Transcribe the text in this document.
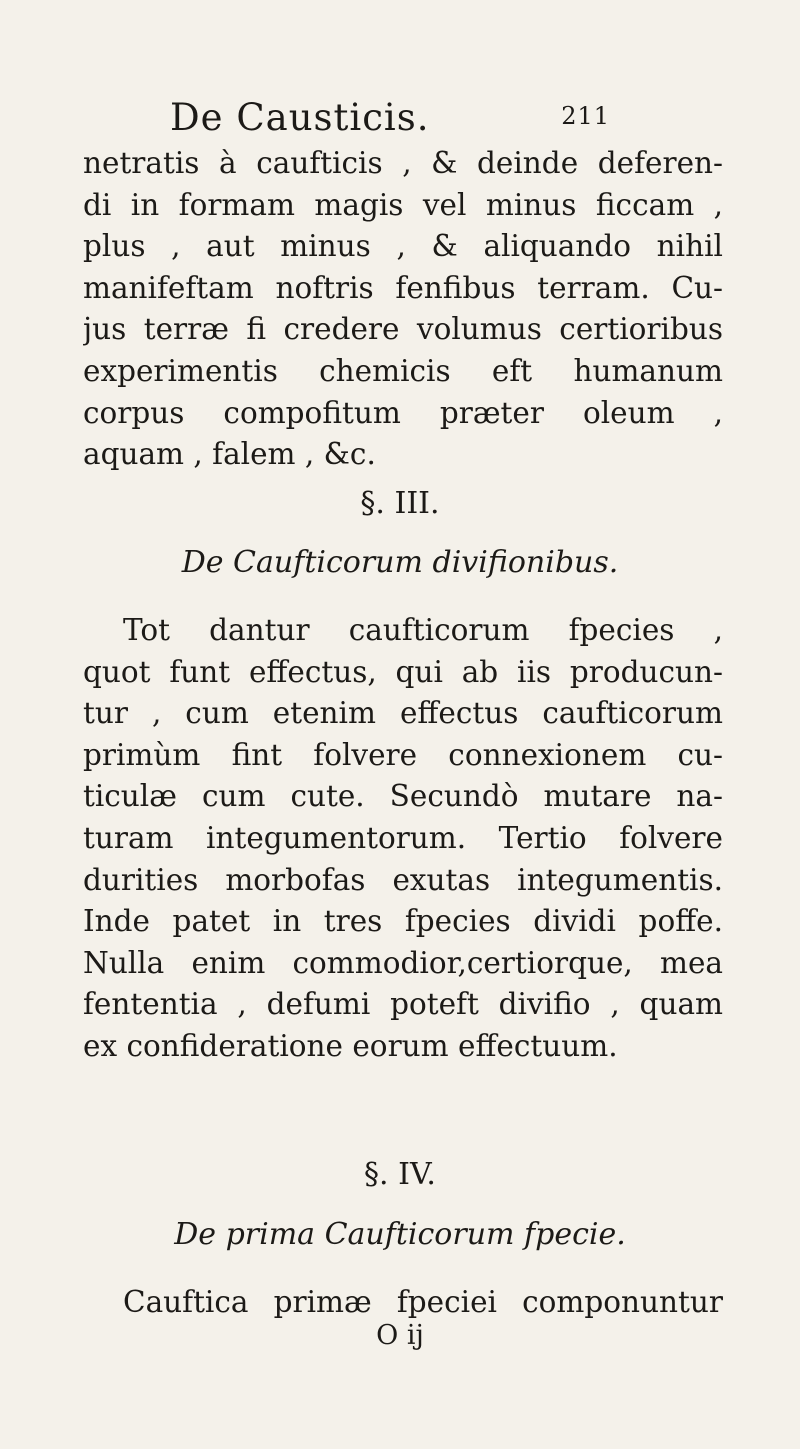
De Causticis.	211
netratis à caufticis , & deinde deferen-
di in formam magis vel minus ficcam ,
plus , aut minus , & aliquando nihil
manifeftam noftris fenfibus terram. Cu-
jus terræ fi credere volumus certioribus
experimentis chemicis eft humanum
corpus compofitum præter oleum ,
aquam , falem , &c.
§. III.
De Caufticorum divifionibus.
Tot dantur caufticorum fpecies ,
quot funt effectus, qui ab iis producun-
tur , cum etenim effectus caufticorum
primùm fint folvere connexionem cu-
ticulæ cum cute. Secundò mutare na-
turam integumentorum. Tertio folvere
durities morbofas exutas integumentis.
Inde patet in tres fpecies dividi poffe.
Nulla enim commodior,certiorque, mea
fententia , defumi poteft divifio , quam
ex confideratione eorum effectuum.
§. IV.
De prima Caufticorum fpecie.
Cauftica primæ fpeciei componuntur
O ij
